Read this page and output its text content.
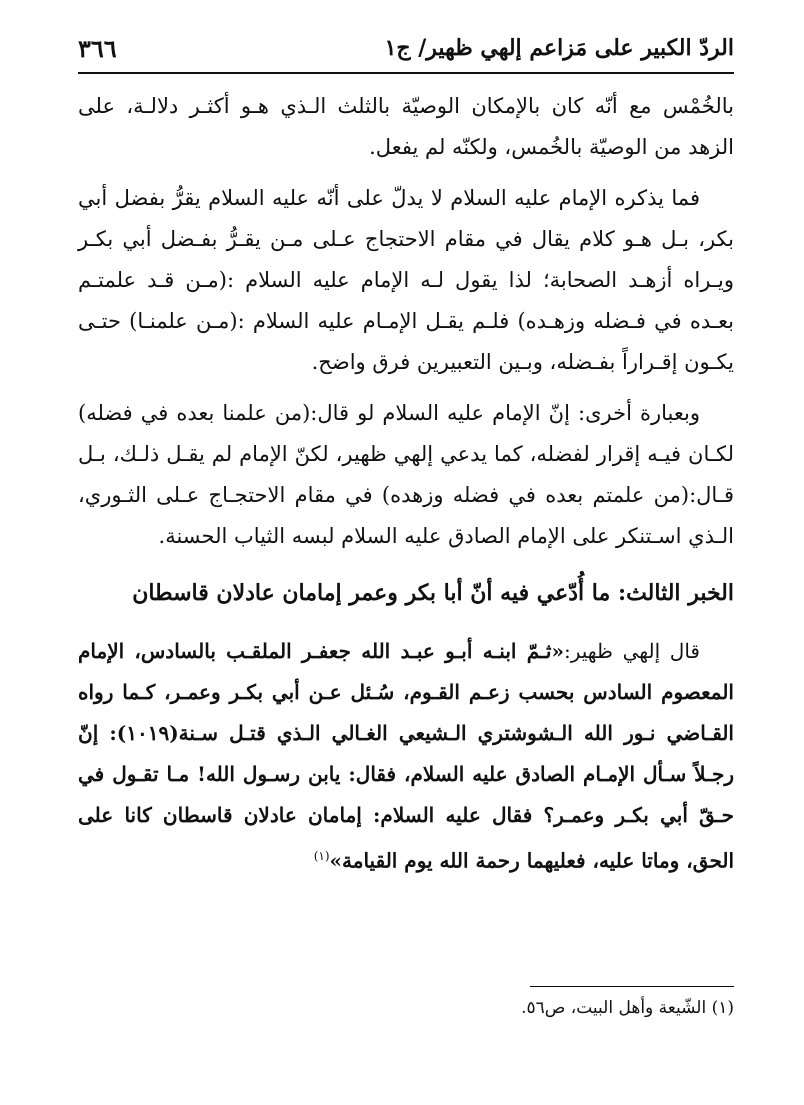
الردّ الكبير على مَزاعم إلهي ظهير/ ج١
٣٦٦

بالخُمْس مع أنّه كان بالإمكان الوصيّة بالثلث الـذي هـو أكثـر دلالـة، على الزهد من الوصيّة بالخُمس، ولكنّه لم يفعل.

فما يذكره الإمام عليه السلام لا يدلّ على أنّه عليه السلام يقرُّ بفضل أبي بكر، بـل هـو كلام يقال في مقام الاحتجاج عـلى مـن يقـرُّ بفـضل أبي بكـر ويـراه أزهـد الصحابة؛ لذا يقول لـه الإمام عليه السلام :(مـن قـد علمتـم بعـده في فـضله وزهـده) فلـم يقـل الإمـام عليه السلام :(مـن علمنـا) حتـى يكـون إقـراراً بفـضله، وبـين التعبيرين فرق واضح.

وبعبارة أخرى: إنّ الإمام عليه السلام لو قال:(من علمنا بعده في فضله) لكـان فيـه إقرار لفضله، كما يدعي إلهي ظهير، لكنّ الإمام لم يقـل ذلـك، بـل قـال:(من علمتم بعده في فضله وزهده) في مقام الاحتجـاج عـلى الثـوري، الـذي اسـتنكر على الإمام الصادق عليه السلام لبسه الثياب الحسنة.

الخبر الثالث: ما أُدّعي فيه أنّ أبا بكر وعمر إمامان عادلان قاسطان

قال إلهي ظهير:«ثـمّ ابنـه أبـو عبـد الله جعفـر الملقـب بالسادس، الإمام المعصوم السادس بحسب زعـم القـوم، سُـئل عـن أبي بكـر وعمـر، كـما رواه القـاضي نـور الله الـشوشتري الـشيعي الغـالي الـذي قتـل سـنة(١٠١٩): إنّ رجـلاً سـأل الإمـام الصادق عليه السلام، فقال: يابن رسـول الله! مـا تقـول في حـقّ أبي بكـر وعمـر؟ فقال عليه السلام: إمامان عادلان قاسطان كانا على الحق، وماتا عليه، فعليهما رحمة الله يوم القيامة»$^{(١)}$

(١) الشّيعة وأهل البيت، ص٥٦.
